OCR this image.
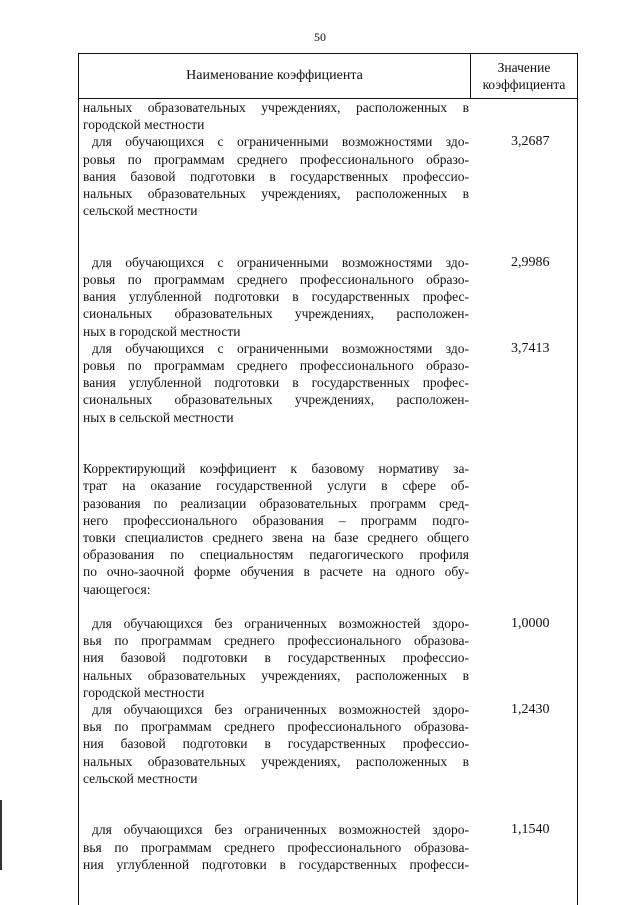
50
Наименование коэффициента
Значение
коэффициента
нальных образовательных учреждениях, расположенных в
городской местности
для обучающихся с ограниченными возможностями здо-
ровья по программам среднего профессионального образо-
вания базовой подготовки в государственных професcио-
нальных образовательных учреждениях, расположенных в
сельской местности
3,2687
для обучающихся с ограниченными возможностями здо-
ровья по программам среднего профессионального образо-
вания углубленной подготовки в государственных профес-
сиональных образовательных учреждениях, расположен-
ных в городской местности
2,9986
для обучающихся с ограниченными возможностями здо-
ровья по программам среднего профессионального образо-
вания углубленной подготовки в государственных профес-
сиональных образовательных учреждениях, расположен-
ных в сельской местности
3,7413
Корректирующий коэффициент к базовому нормативу за-
трат на оказание государственной услуги в сфере об-
разования по реализации образовательных программ сред-
него профессионального образования – программ подго-
товки специалистов среднего звена на базе среднего общего
образования по специальностям педагогического профиля
по очно-заочной форме обучения в расчете на одного обу-
чающегося:
для обучающихся без ограниченных возможностей здоро-
вья по программам среднего профессионального образова-
ния базовой подготовки в государственных професcио-
нальных образовательных учреждениях, расположенных в
городской местности
1,0000
для обучающихся без ограниченных возможностей здоро-
вья по программам среднего профессионального образова-
ния базовой подготовки в государственных професcио-
нальных образовательных учреждениях, расположенных в
сельской местности
1,2430
для обучающихся без ограниченных возможностей здоро-
вья по программам среднего профессионального образова-
ния углубленной подготовки в государственных професси-
1,1540
